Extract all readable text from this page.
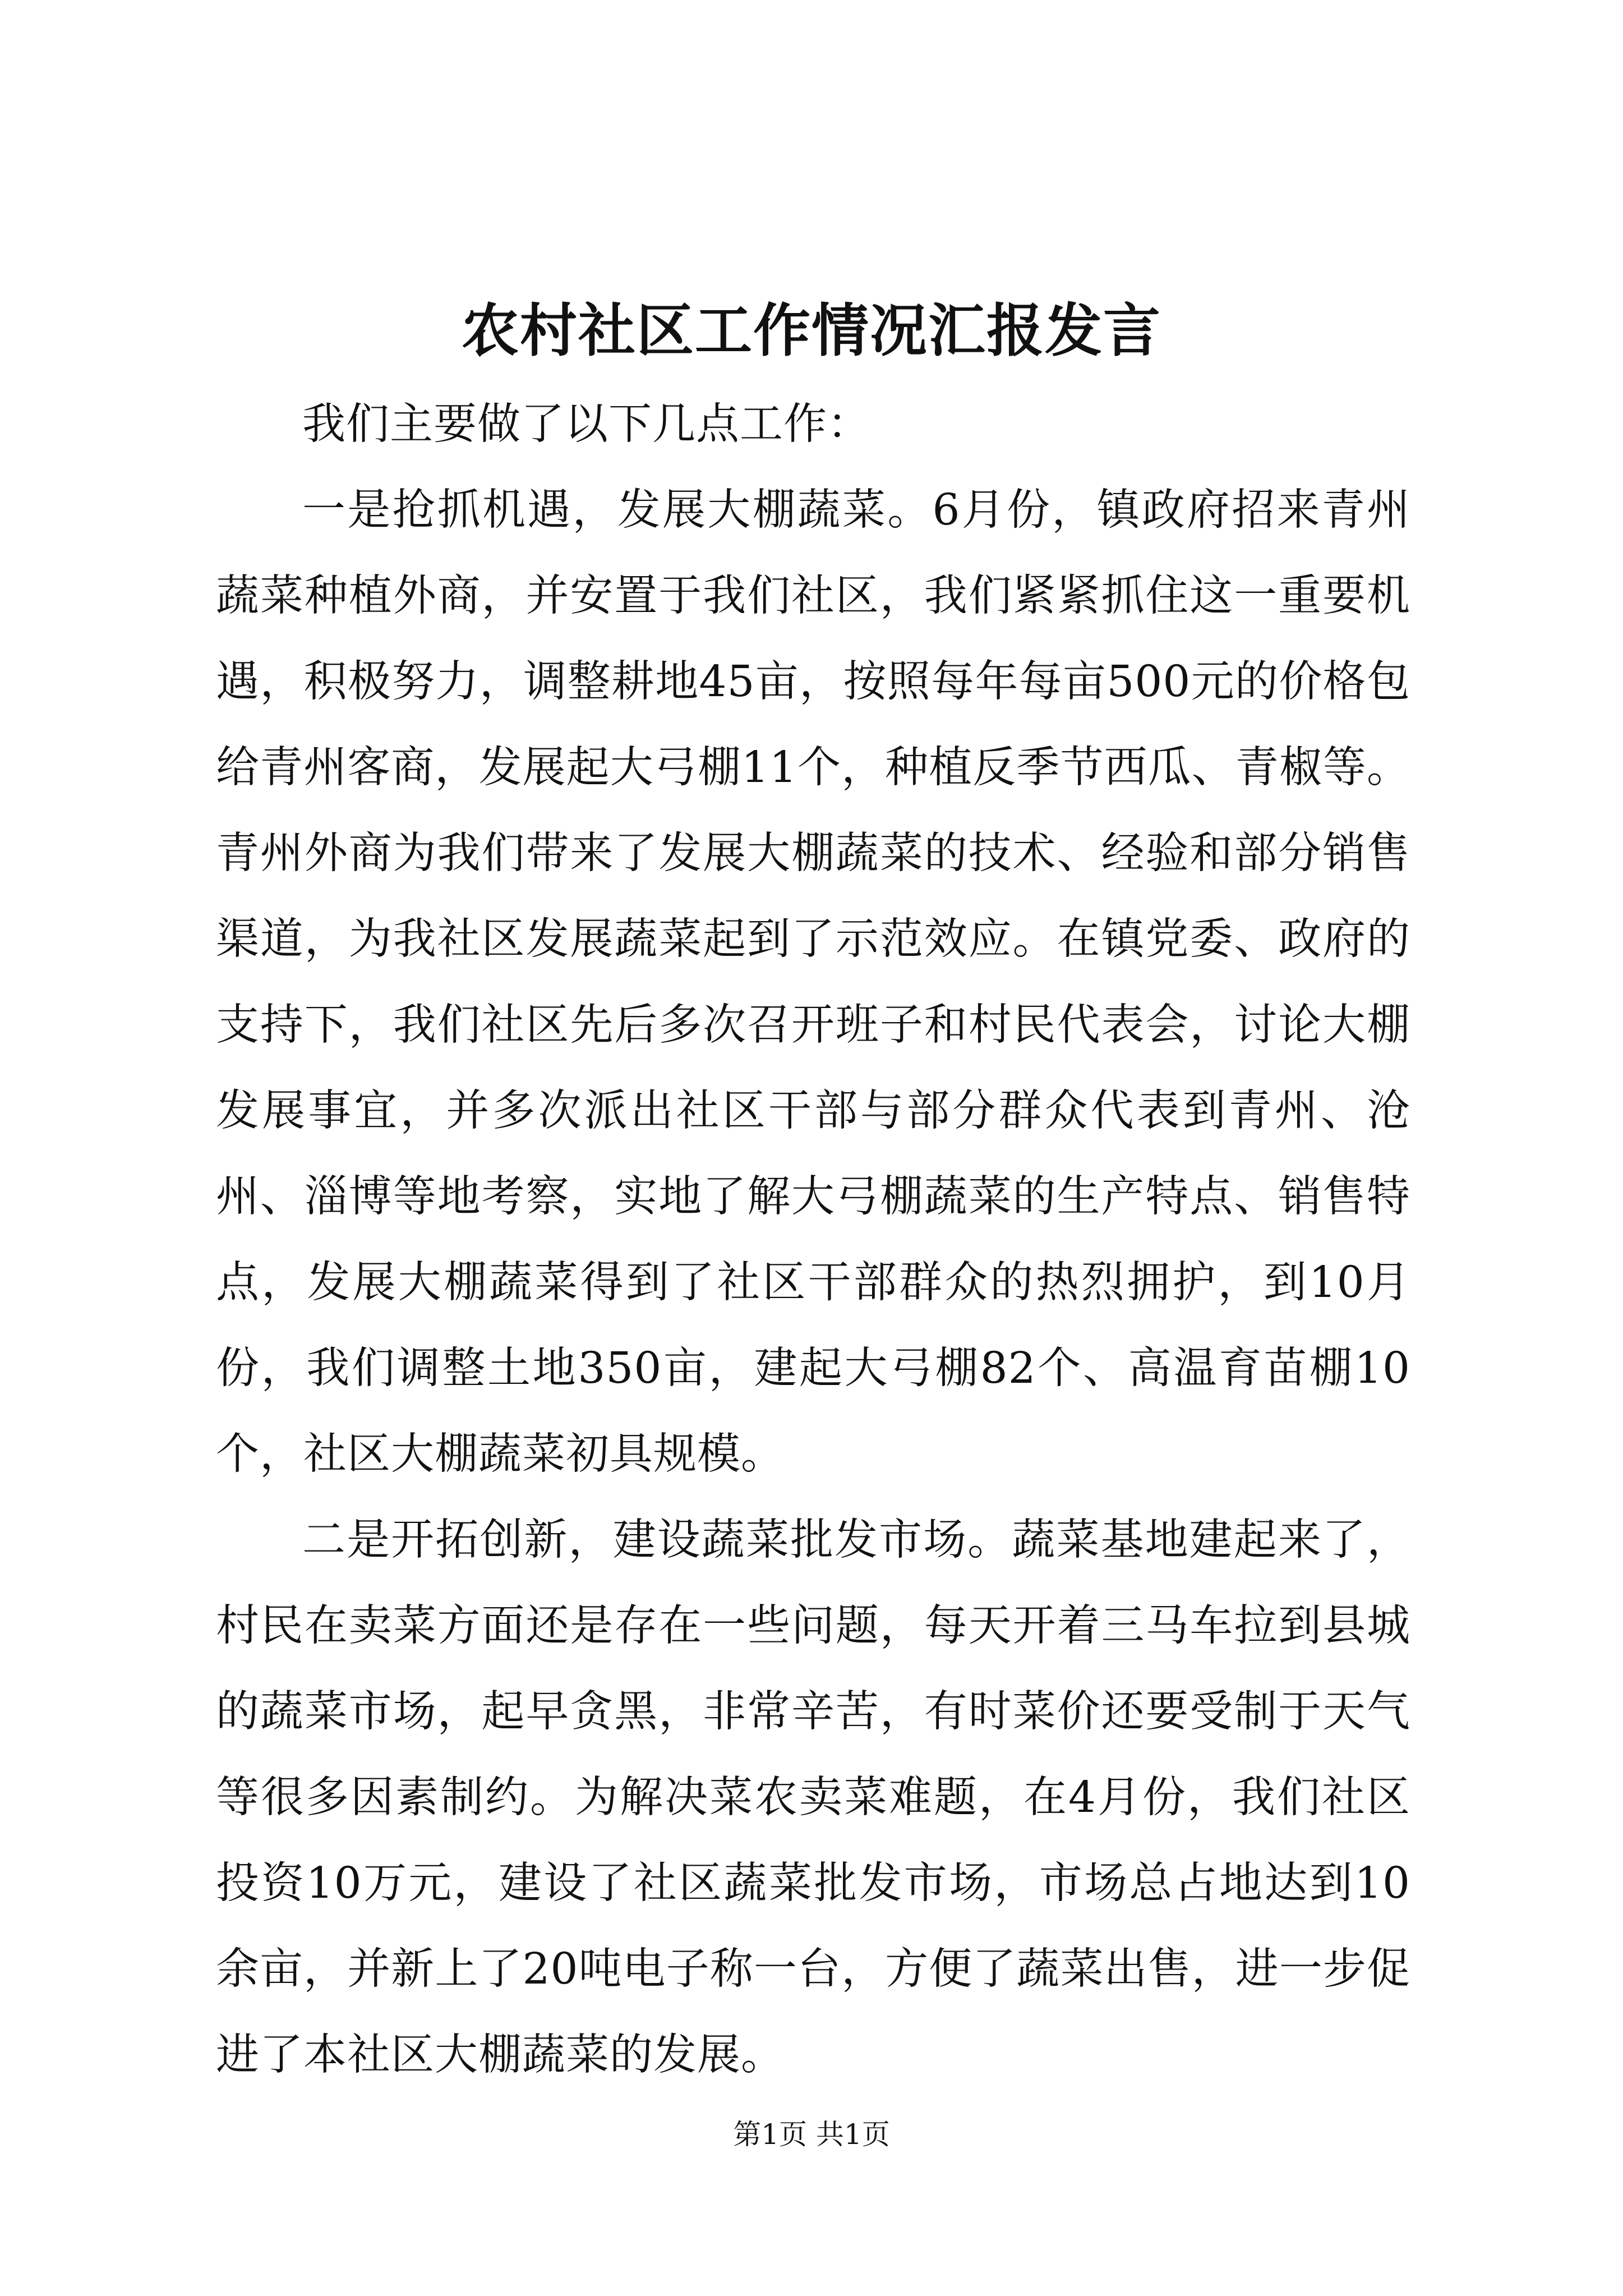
农村社区工作情况汇报发言

我们主要做了以下几点工作：

一是抢抓机遇，发展大棚蔬菜。6月份，镇政府招来青州蔬菜种植外商，并安置于我们社区，我们紧紧抓住这一重要机遇，积极努力，调整耕地45亩，按照每年每亩500元的价格包给青州客商，发展起大弓棚11个，种植反季节西瓜、青椒等。青州外商为我们带来了发展大棚蔬菜的技术、经验和部分销售渠道，为我社区发展蔬菜起到了示范效应。在镇党委、政府的支持下，我们社区先后多次召开班子和村民代表会，讨论大棚发展事宜，并多次派出社区干部与部分群众代表到青州、沧州、淄博等地考察，实地了解大弓棚蔬菜的生产特点、销售特点，发展大棚蔬菜得到了社区干部群众的热烈拥护，到10月份，我们调整土地350亩，建起大弓棚82个、高温育苗棚10个，社区大棚蔬菜初具规模。

二是开拓创新，建设蔬菜批发市场。蔬菜基地建起来了，村民在卖菜方面还是存在一些问题，每天开着三马车拉到县城的蔬菜市场，起早贪黑，非常辛苦，有时菜价还要受制于天气等很多因素制约。为解决菜农卖菜难题，在4月份，我们社区投资10万元，建设了社区蔬菜批发市场，市场总占地达到10余亩，并新上了20吨电子称一台，方便了蔬菜出售，进一步促进了本社区大棚蔬菜的发展。

第1页 共1页
